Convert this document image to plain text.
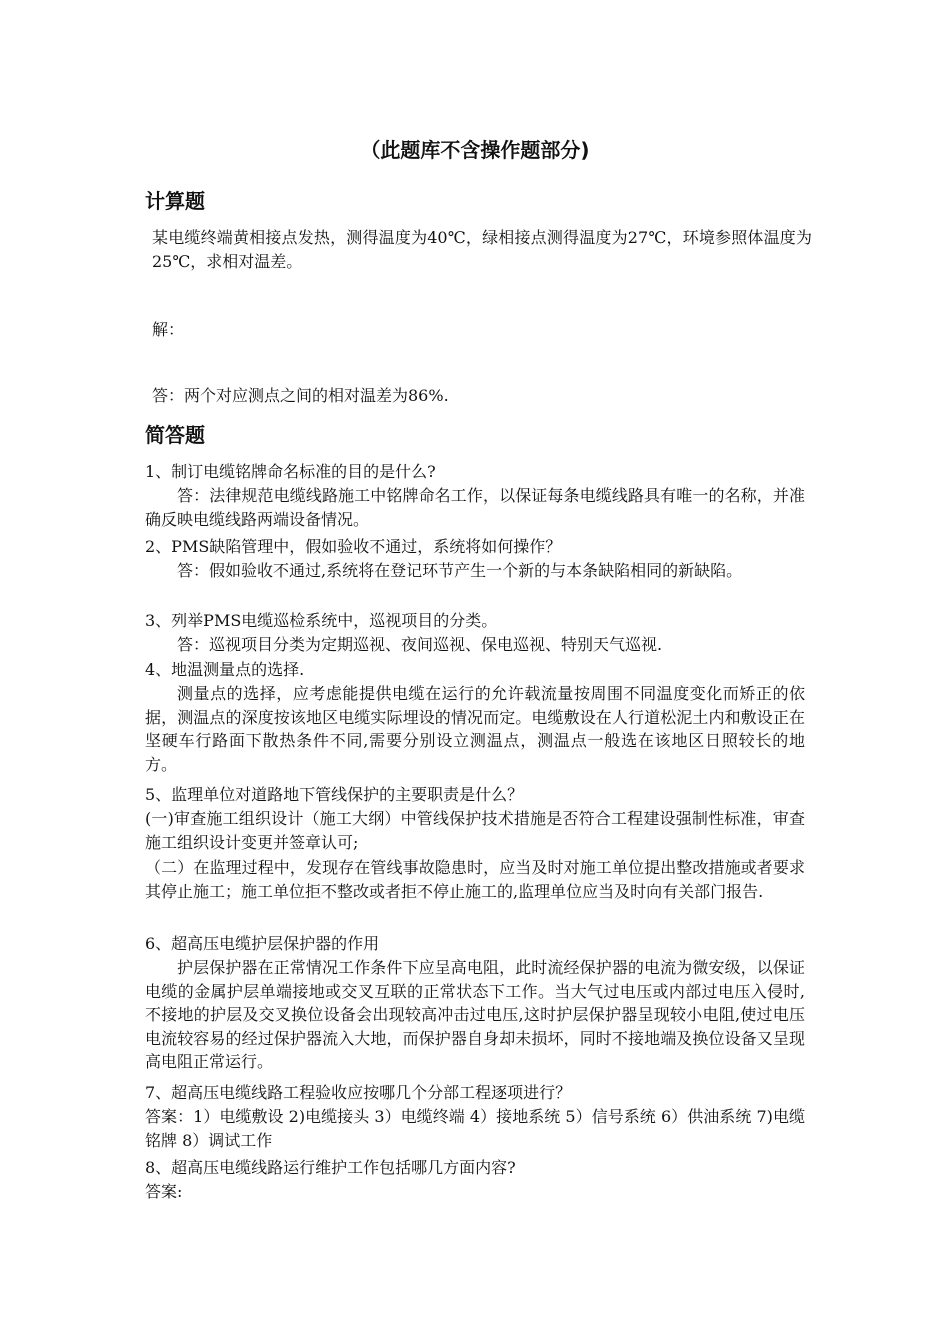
（此题库不含操作题部分)
计算题
某电缆终端黄相接点发热，测得温度为40℃，绿相接点测得温度为27℃，环境参照体温度为25℃，求相对温差。
解：
答：两个对应测点之间的相对温差为86%.
简答题
1、制订电缆铭牌命名标准的目的是什么?
答：法律规范电缆线路施工中铭牌命名工作，以保证每条电缆线路具有唯一的名称，并准确反映电缆线路两端设备情况。
2、PMS缺陷管理中，假如验收不通过，系统将如何操作？
答：假如验收不通过,系统将在登记环节产生一个新的与本条缺陷相同的新缺陷。
3、列举PMS电缆巡检系统中，巡视项目的分类。
答：巡视项目分类为定期巡视、夜间巡视、保电巡视、特别天气巡视.
4、地温测量点的选择.
测量点的选择，应考虑能提供电缆在运行的允许载流量按周围不同温度变化而矫正的依据，测温点的深度按该地区电缆实际埋设的情况而定。电缆敷设在人行道松泥土内和敷设正在坚硬车行路面下散热条件不同,需要分别设立测温点，测温点一般选在该地区日照较长的地方。
5、监理单位对道路地下管线保护的主要职责是什么？
(一)审查施工组织设计（施工大纲）中管线保护技术措施是否符合工程建设强制性标准，审查施工组织设计变更并签章认可;
（二）在监理过程中，发现存在管线事故隐患时，应当及时对施工单位提出整改措施或者要求其停止施工；施工单位拒不整改或者拒不停止施工的,监理单位应当及时向有关部门报告.
6、超高压电缆护层保护器的作用
护层保护器在正常情况工作条件下应呈高电阻，此时流经保护器的电流为微安级，以保证电缆的金属护层单端接地或交叉互联的正常状态下工作。当大气过电压或内部过电压入侵时,不接地的护层及交叉换位设备会出现较高冲击过电压,这时护层保护器呈现较小电阻,使过电压电流较容易的经过保护器流入大地，而保护器自身却未损坏，同时不接地端及换位设备又呈现高电阻正常运行。
7、超高压电缆线路工程验收应按哪几个分部工程逐项进行？
答案：1）电缆敷设 2)电缆接头 3）电缆终端 4）接地系统 5）信号系统 6）供油系统 7)电缆铭牌 8）调试工作
8、超高压电缆线路运行维护工作包括哪几方面内容?
答案:
